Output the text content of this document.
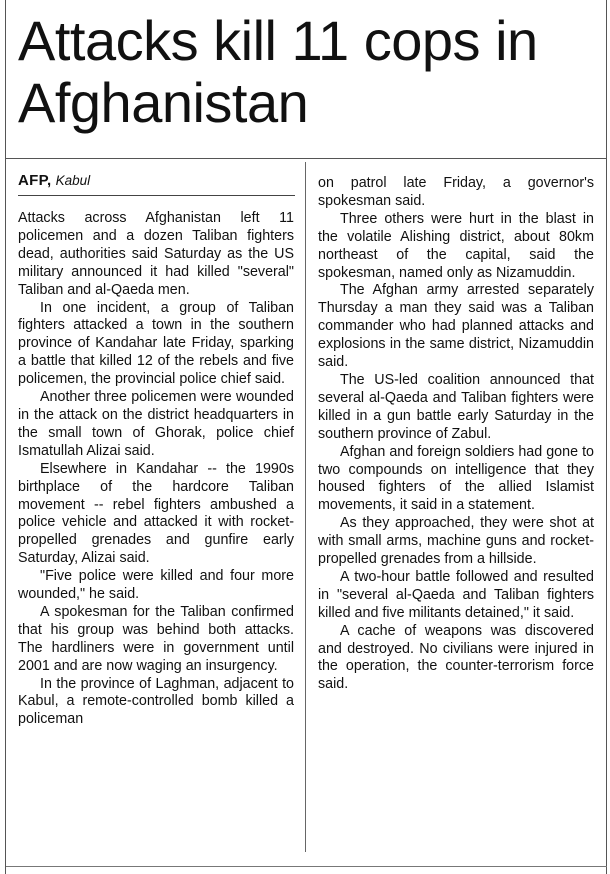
Attacks kill 11 cops in Afghanistan
AFP, Kabul

Attacks across Afghanistan left 11 policemen and a dozen Taliban fighters dead, authorities said Saturday as the US military announced it had killed "several" Taliban and al-Qaeda men.

In one incident, a group of Taliban fighters attacked a town in the southern province of Kandahar late Friday, sparking a battle that killed 12 of the rebels and five policemen, the provincial police chief said.

Another three policemen were wounded in the attack on the district headquarters in the small town of Ghorak, police chief Ismatullah Alizai said.

Elsewhere in Kandahar -- the 1990s birthplace of the hardcore Taliban movement -- rebel fighters ambushed a police vehicle and attacked it with rocket-propelled grenades and gunfire early Saturday, Alizai said.

"Five police were killed and four more wounded," he said.

A spokesman for the Taliban confirmed that his group was behind both attacks. The hardliners were in government until 2001 and are now waging an insurgency.

In the province of Laghman, adjacent to Kabul, a remote-controlled bomb killed a policeman

on patrol late Friday, a governor's spokesman said.

Three others were hurt in the blast in the volatile Alishing district, about 80km northeast of the capital, said the spokesman, named only as Nizamuddin.

The Afghan army arrested separately Thursday a man they said was a Taliban commander who had planned attacks and explosions in the same district, Nizamuddin said.

The US-led coalition announced that several al-Qaeda and Taliban fighters were killed in a gun battle early Saturday in the southern province of Zabul.

Afghan and foreign soldiers had gone to two compounds on intelligence that they housed fighters of the allied Islamist movements, it said in a statement.

As they approached, they were shot at with small arms, machine guns and rocket-propelled grenades from a hillside.

A two-hour battle followed and resulted in "several al-Qaeda and Taliban fighters killed and five militants detained," it said.

A cache of weapons was discovered and destroyed. No civilians were injured in the operation, the counter-terrorism force said.
